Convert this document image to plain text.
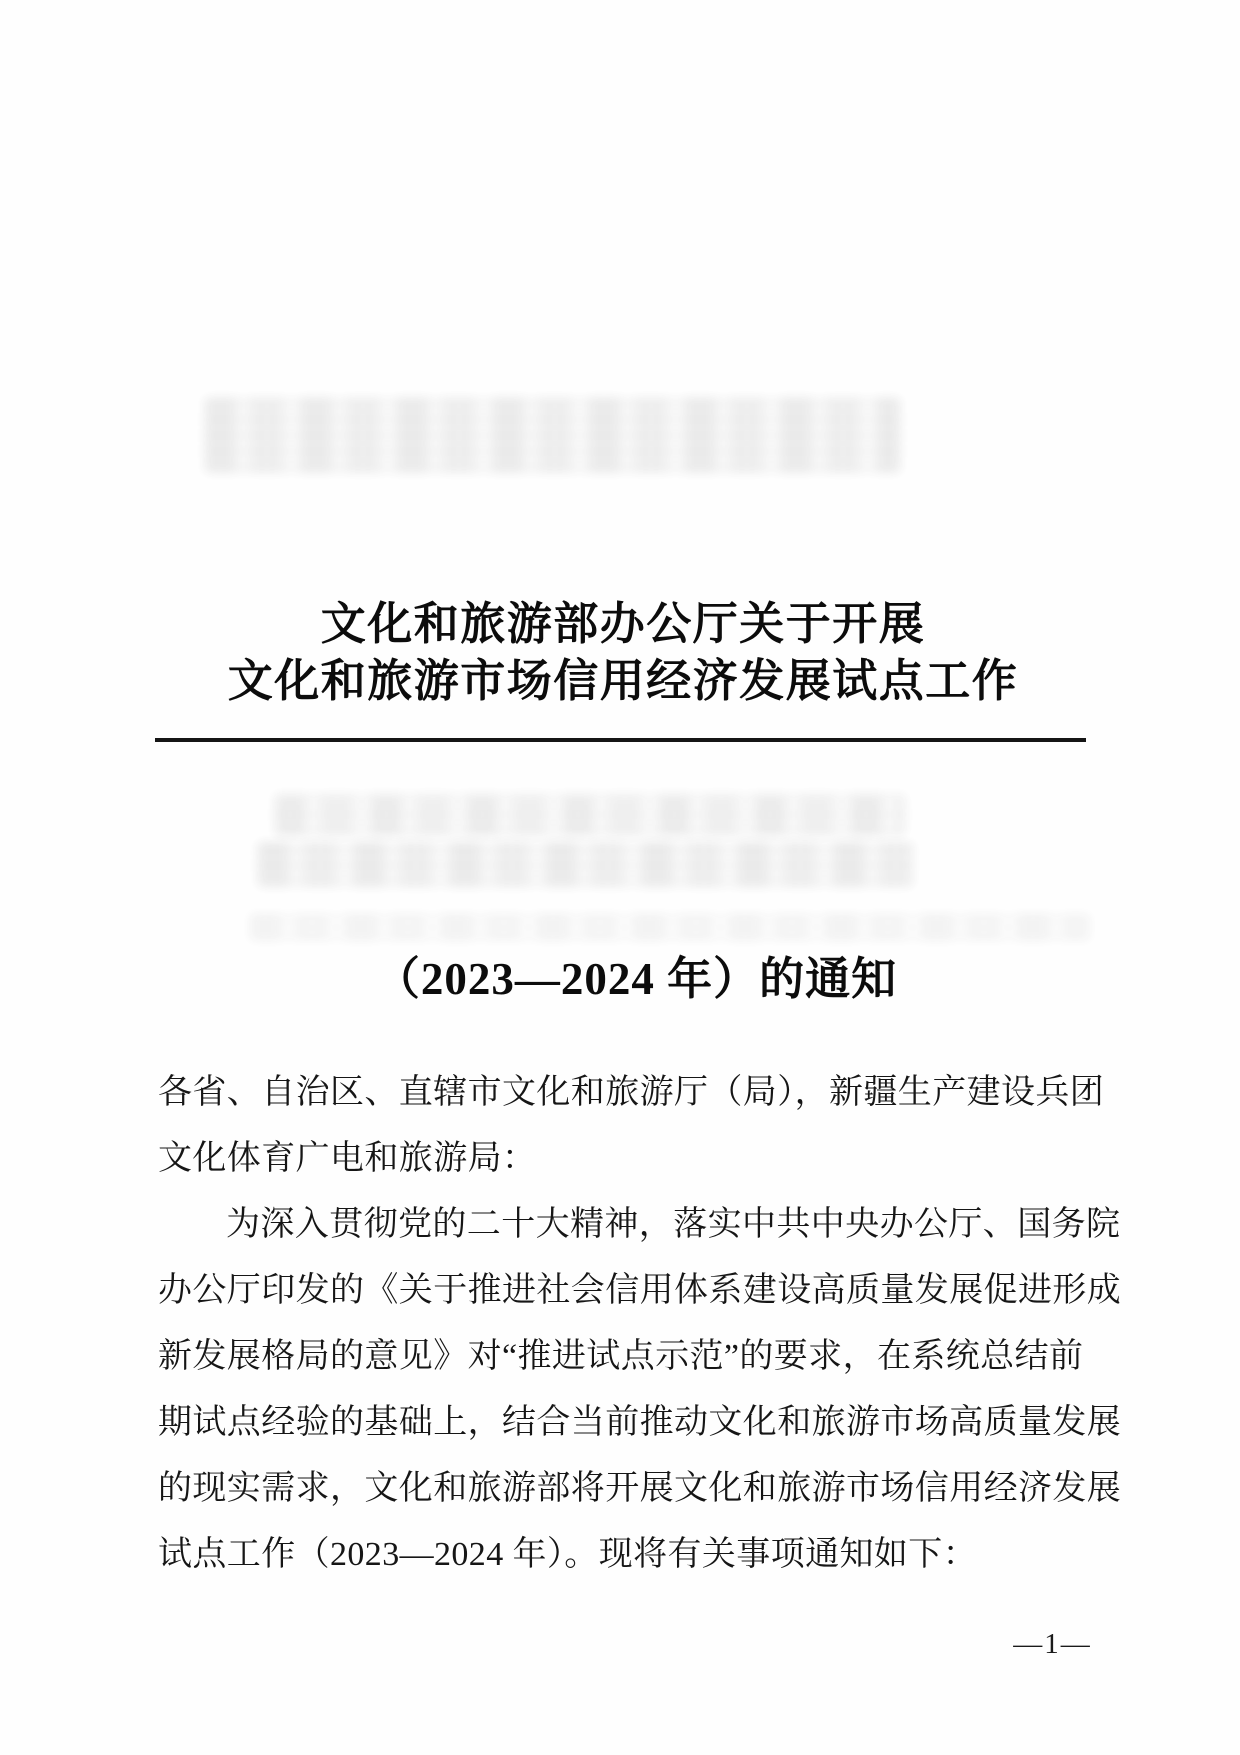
文化和旅游部办公厅关于开展
文化和旅游市场信用经济发展试点工作
（2023—2024 年）的通知
各省、自治区、直辖市文化和旅游厅（局），新疆生产建设兵团
文化体育广电和旅游局：
为深入贯彻党的二十大精神，落实中共中央办公厅、国务院
办公厅印发的《关于推进社会信用体系建设高质量发展促进形成
新发展格局的意见》对“推进试点示范”的要求，在系统总结前
期试点经验的基础上，结合当前推动文化和旅游市场高质量发展
的现实需求，文化和旅游部将开展文化和旅游市场信用经济发展
试点工作（2023—2024 年）。现将有关事项通知如下：
—1—
